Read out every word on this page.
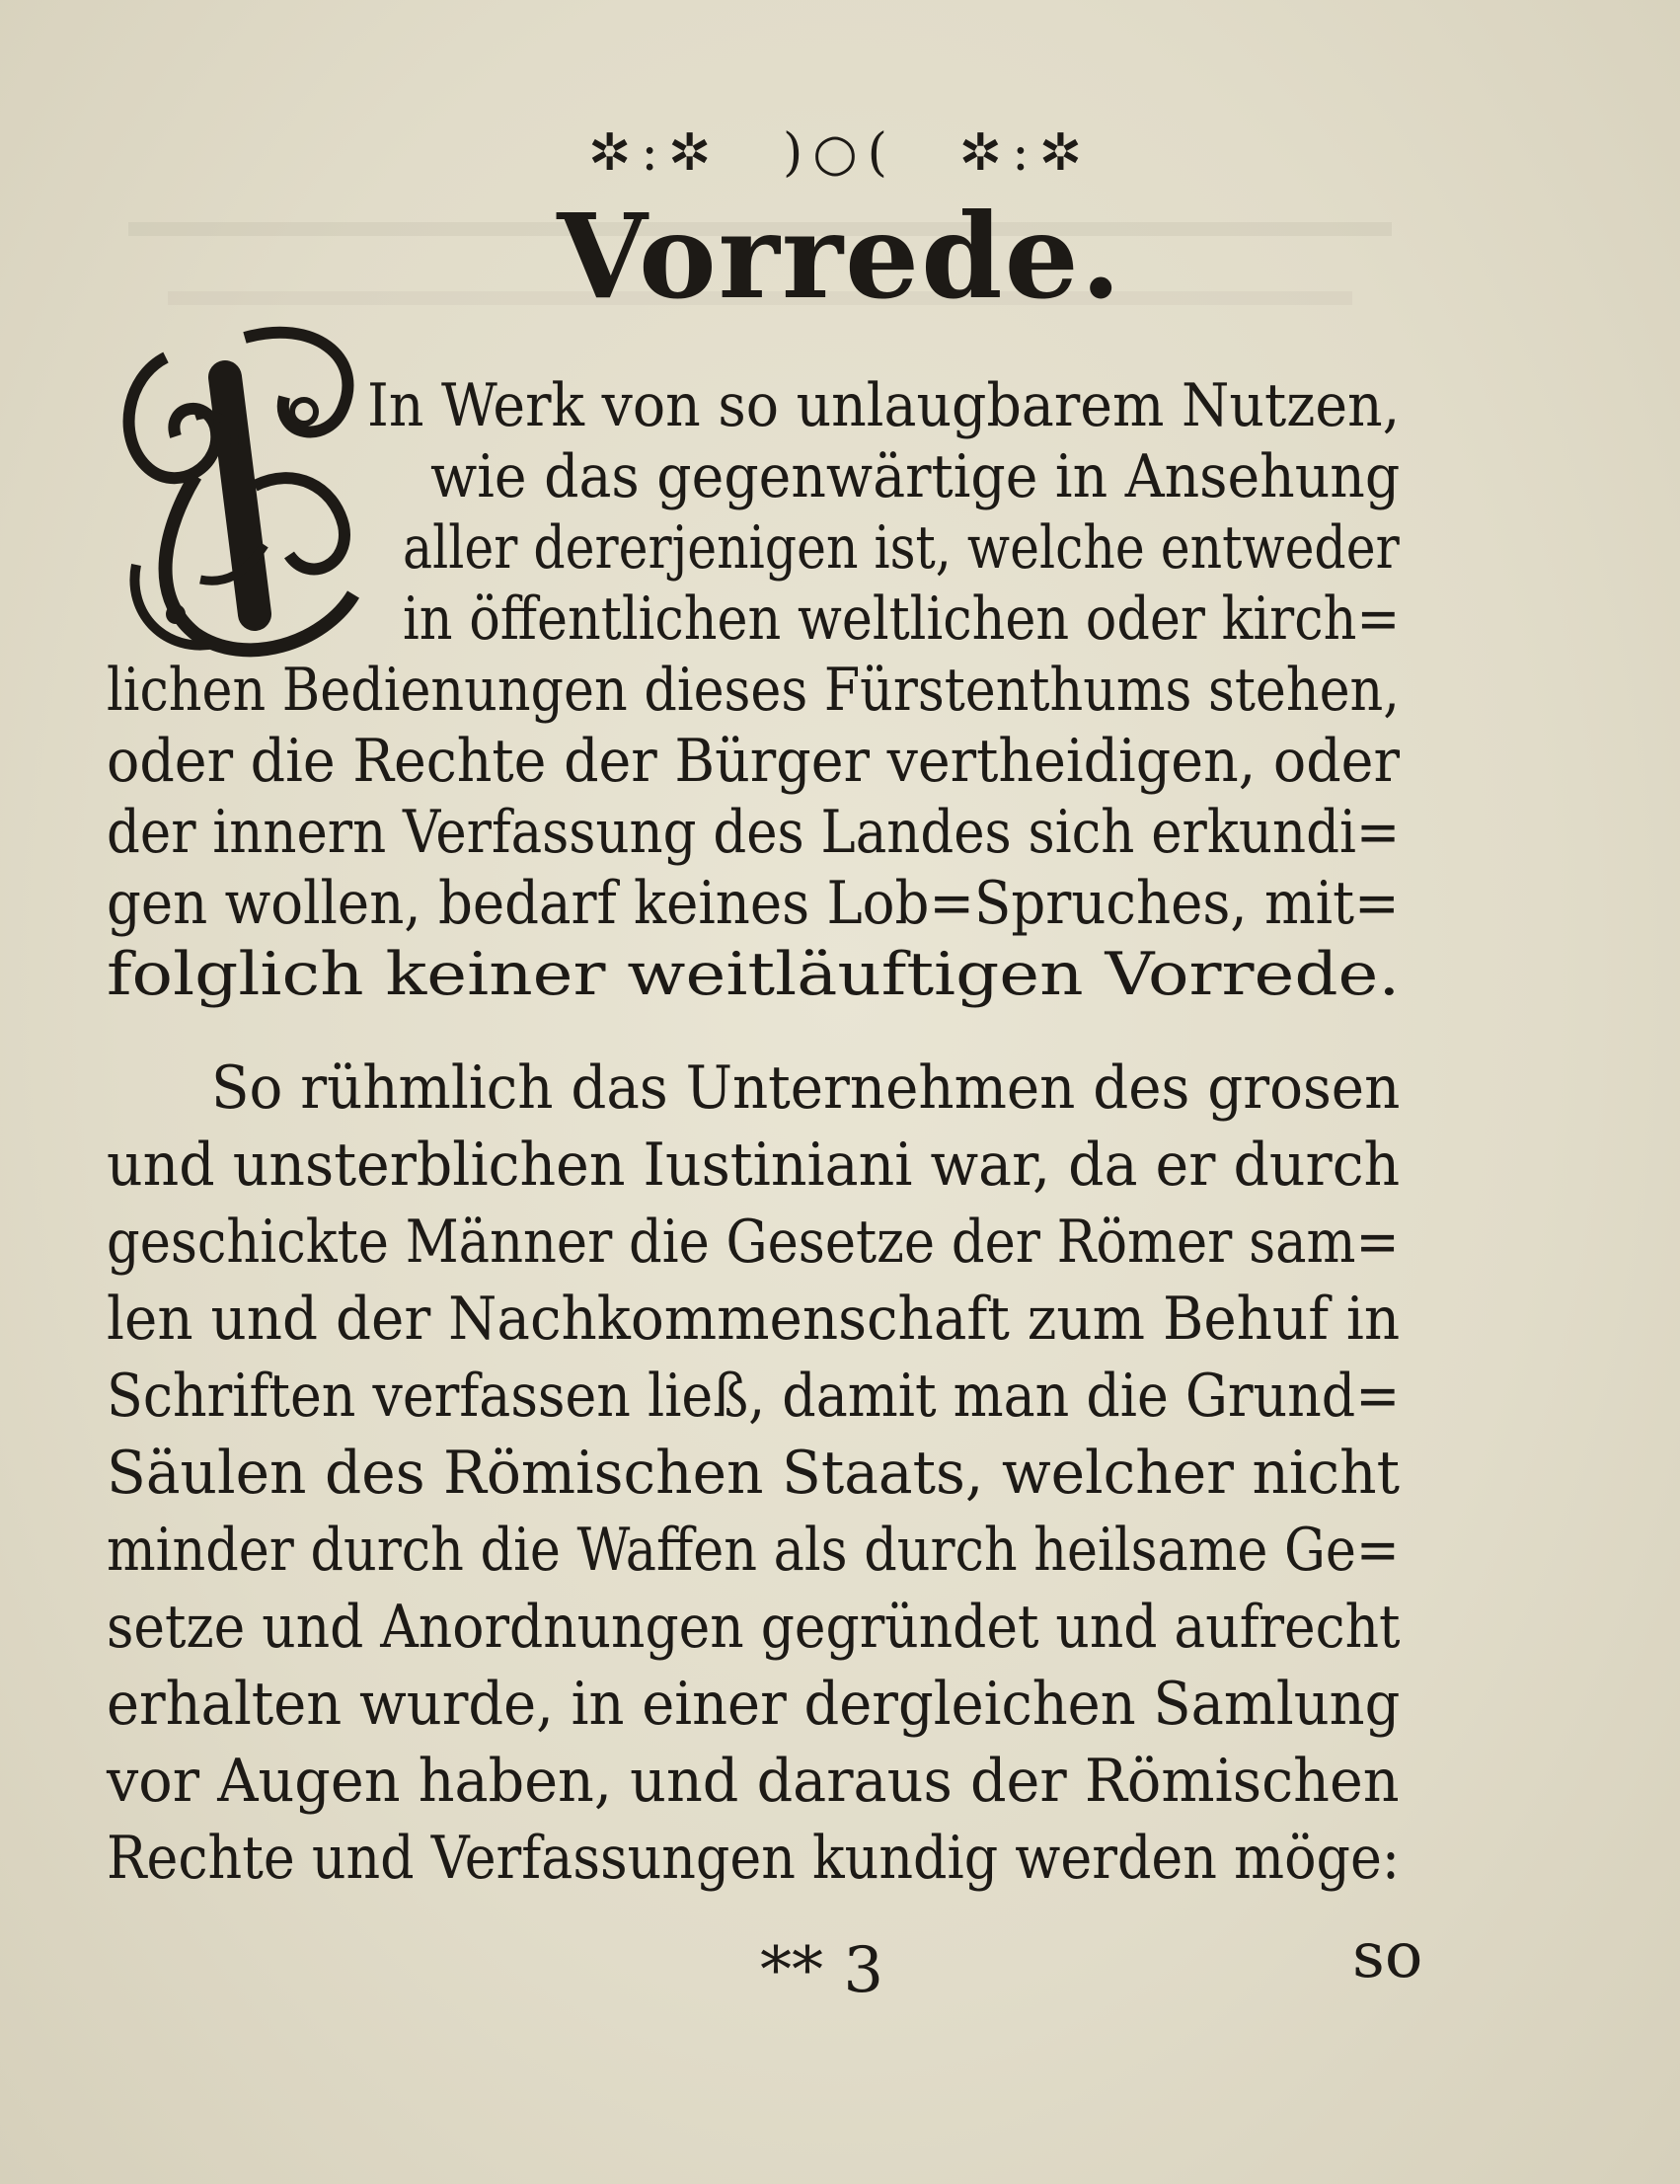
✲:✲ )○( ✲:✲
Vorrede.
In Werk von so unlaugbarem Nutzen,
wie das gegenwärtige in Ansehung
aller dererjenigen ist, welche entweder
in öffentlichen weltlichen oder kirch=
lichen Bedienungen dieses Fürstenthums stehen,
oder die Rechte der Bürger vertheidigen, oder
der innern Verfassung des Landes sich erkundi=
gen wollen, bedarf keines Lob=Spruches, mit=
folglich keiner weitläuftigen Vorrede.
So rühmlich das Unternehmen des grosen
und unsterblichen Iustiniani war, da er durch
geschickte Männer die Gesetze der Römer sam=
len und der Nachkommenschaft zum Behuf in
Schriften verfassen ließ, damit man die Grund=
Säulen des Römischen Staats, welcher nicht
minder durch die Waffen als durch heilsame Ge=
setze und Anordnungen gegründet und aufrecht
erhalten wurde, in einer dergleichen Samlung
vor Augen haben, und daraus der Römischen
Rechte und Verfassungen kundig werden möge:
** 3	so
